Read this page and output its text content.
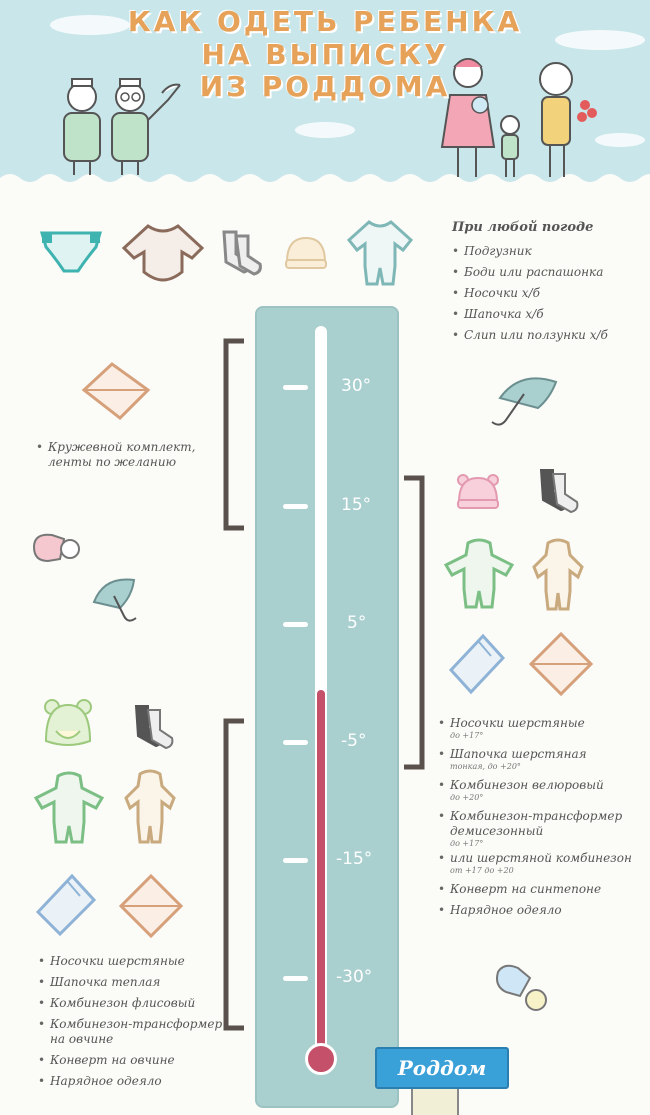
КАК ОДЕТЬ РЕБЕНКА
НА ВЫПИСКУ
ИЗ РОДДОМА
При любой погоде
• Подгузник
• Боди или распашонка
• Носочки х/б
• Шапочка х/б
• Слип или ползунки х/б
30°
15°
5°
-5°
-15°
-30°
Роддом
• Кружевной комплект, ленты по желанию
• Носочки шерстяные
до +17°
• Шапочка шерстяная
тонкая, до +20°
• Комбинезон велюровый
до +20°
• Комбинезон-трансформер демисезонный
до +17°
• или шерстяной комбинезон
от +17 до +20
• Конверт на синтепоне
• Нарядное одеяло
• Носочки шерстяные
• Шапочка теплая
• Комбинезон флисовый
• Комбинезон-трансформер на овчине
• Конверт на овчине
• Нарядное одеяло
